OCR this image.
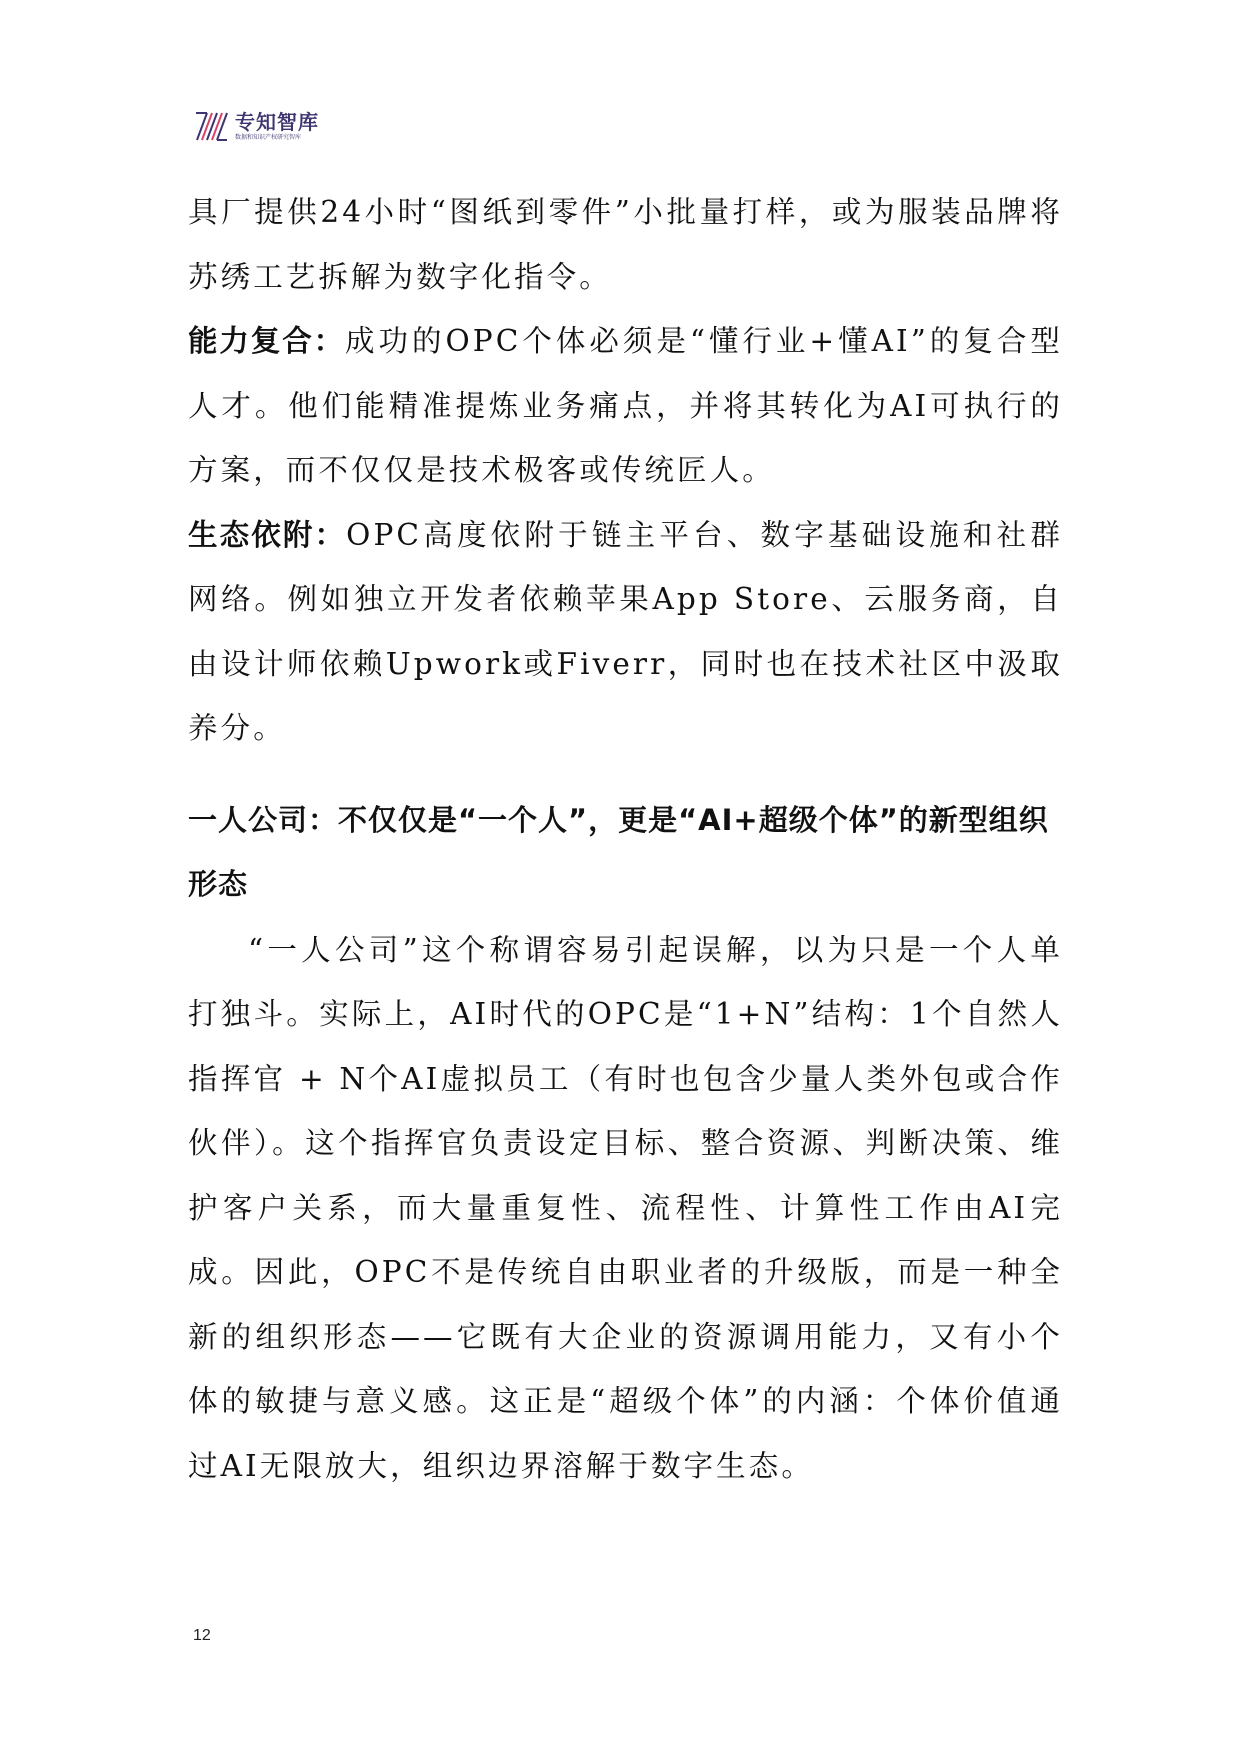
专知智库
数据和知识产权研究智库

具厂提供24小时“图纸到零件”小批量打样，或为服装品牌将苏绣工艺拆解为数字化指令。

能力复合：成功的OPC个体必须是“懂行业+懂AI”的复合型人才。他们能精准提炼业务痛点，并将其转化为AI可执行的方案，而不仅仅是技术极客或传统匠人。

生态依附：OPC高度依附于链主平台、数字基础设施和社群网络。例如独立开发者依赖苹果App Store、云服务商，自由设计师依赖Upwork或Fiverr，同时也在技术社区中汲取养分。

一人公司：不仅仅是“一个人”，更是“AI+超级个体”的新型组织形态

“一人公司”这个称谓容易引起误解，以为只是一个人单打独斗。实际上，AI时代的OPC是“1+N”结构：1个自然人指挥官 + N个AI虚拟员工（有时也包含少量人类外包或合作伙伴）。这个指挥官负责设定目标、整合资源、判断决策、维护客户关系，而大量重复性、流程性、计算性工作由AI完成。因此，OPC不是传统自由职业者的升级版，而是一种全新的组织形态——它既有大企业的资源调用能力，又有小个体的敏捷与意义感。这正是“超级个体”的内涵：个体价值通过AI无限放大，组织边界溶解于数字生态。

12
